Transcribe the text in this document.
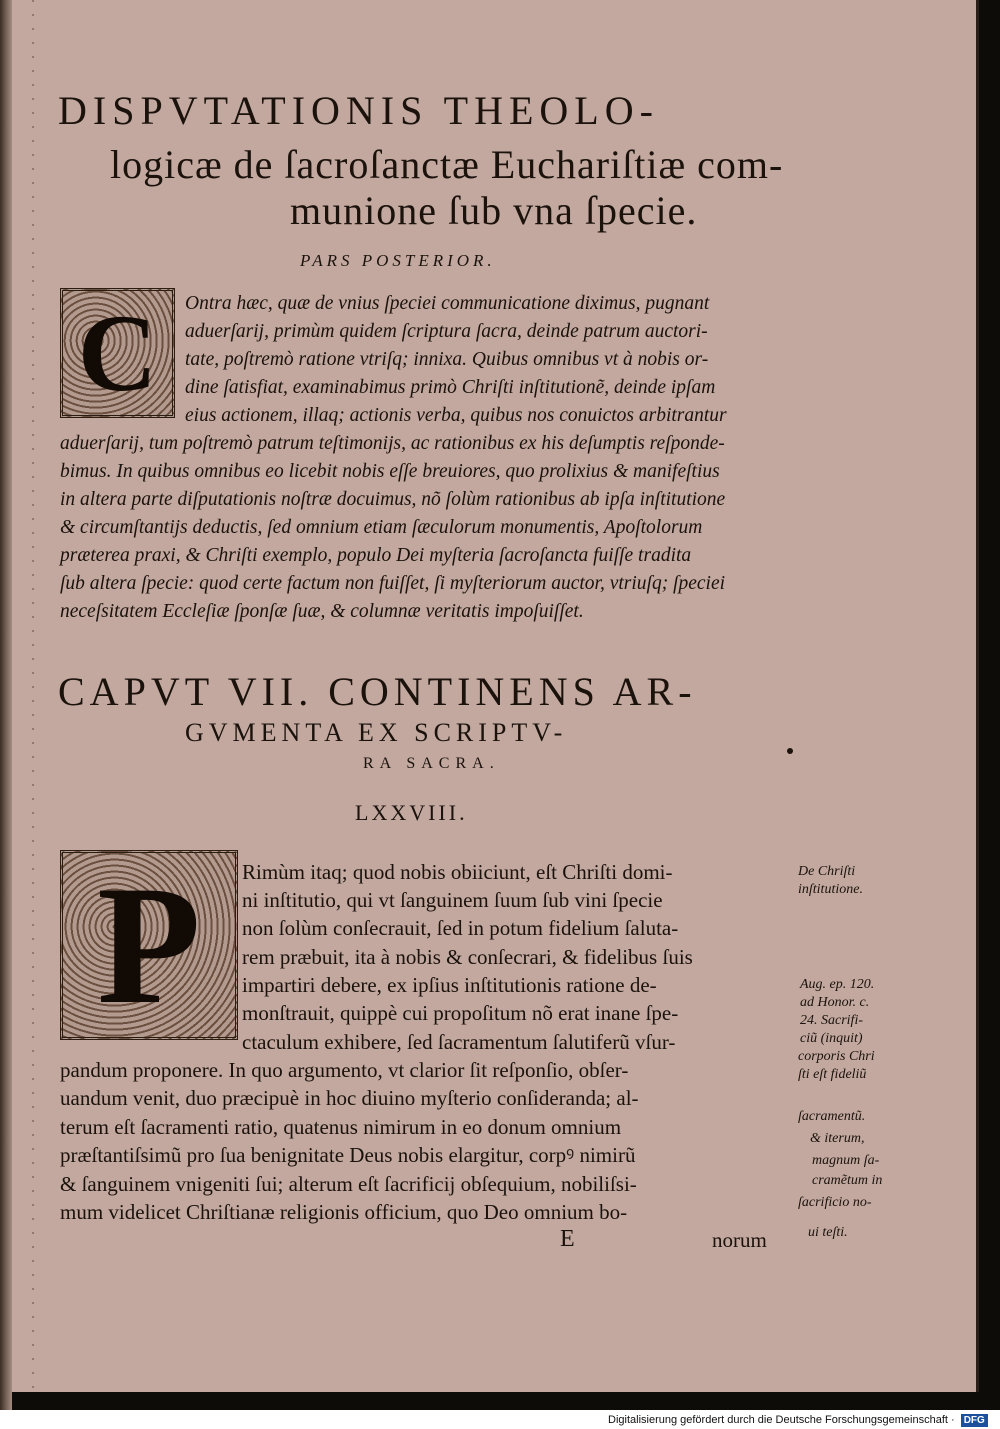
DISPVTATIONIS THEOLO-
logicæ de ſacroſanctæ Euchariſtiæ com-
munione ſub vna ſpecie.
PARS POSTERIOR.
C Ontra hæc, quæ de vnius ſpeciei communicatione diximus, pugnant

aduerſarij, primùm quidem ſcriptura ſacra, deinde patrum auctori-

tate, poſtremò ratione vtriſq; innixa. Quibus omnibus vt à nobis or-

dine ſatisfiat, examinabimus primò Chriſti inſtitutionẽ, deinde ipſam

eius actionem, illaq; actionis verba, quibus nos conuictos arbitrantur

aduerſarij, tum poſtremò patrum teſtimonijs, ac rationibus ex his deſumptis reſponde-

bimus. In quibus omnibus eo licebit nobis eſſe breuiores, quo prolixius & manifeſtius

in altera parte diſputationis noſtræ docuimus, nõ ſolùm rationibus ab ipſa inſtitutione

& circumſtantijs deductis, ſed omnium etiam ſæculorum monumentis, Apoſtolorum

præterea praxi, & Chriſti exemplo, populo Dei myſteria ſacroſancta fuiſſe tradita

ſub altera ſpecie: quod certe factum non fuiſſet, ſi myſteriorum auctor, vtriuſq; ſpeciei

neceſsitatem Eccleſiæ ſponſæ ſuæ, & columnæ veritatis impoſuiſſet.

CAPVT VII. CONTINENS AR-
GVMENTA EX SCRIPTV-
RA SACRA.
LXXVIII.
P Rimùm itaq; quod nobis obiiciunt, eſt Chriſti domi-

ni inſtitutio, qui vt ſanguinem ſuum ſub vini ſpecie

non ſolùm conſecrauit, ſed in potum fidelium ſaluta-

rem præbuit, ita à nobis & conſecrari, & fidelibus ſuis

impartiri debere, ex ipſius inſtitutionis ratione de-

monſtrauit, quippè cui propoſitum nõ erat inane ſpe-

ctaculum exhibere, ſed ſacramentum ſalutiferũ vſur-

pandum proponere. In quo argumento, vt clarior ſit reſponſio, obſer-

uandum venit, duo præcipuè in hoc diuino myſterio conſideranda; al-

terum eſt ſacramenti ratio, quatenus nimirum in eo donum omnium

præſtantiſsimũ pro ſua benignitate Deus nobis elargitur, corpꝰ nimirũ

& ſanguinem vnigeniti ſui; alterum eſt ſacrificij obſequium, nobiliſsi-

mum videlicet Chriſtianæ religionis officium, quo Deo omnium bo-

E	norum

De Chriſti

inſtitutione.

Aug. ep. 120.

ad Honor. c.

24. Sacrifi-

ciũ (inquit)

corporis Chri

ſti eſt fideliũ

ſacramentũ.

& iterum,

magnum ſa-

cramẽtum in

ſacrificio no-

ui teſti.

Digitalisierung gefördert durch die Deutsche Forschungsgemeinschaft · DFG
